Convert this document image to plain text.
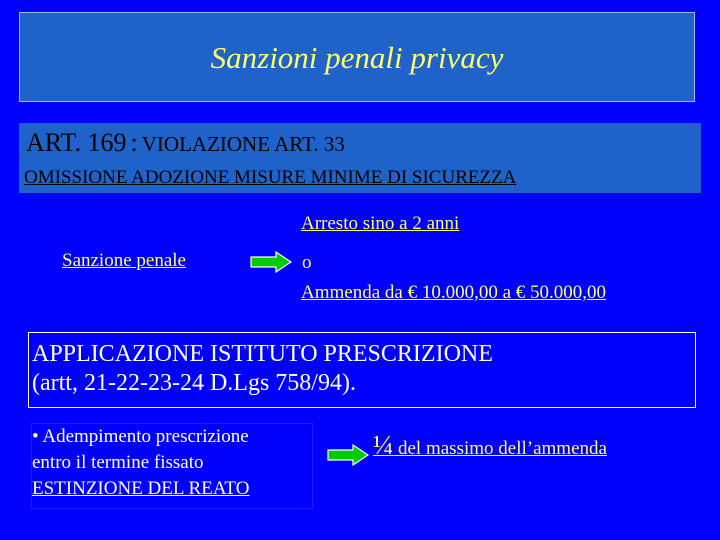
Sanzioni penali privacy
ART. 169 : VIOLAZIONE ART. 33
OMISSIONE ADOZIONE MISURE MINIME DI SICUREZZA
Arresto sino a 2 anni
Sanzione penale	o
Ammenda da € 10.000,00 a € 50.000,00
APPLICAZIONE ISTITUTO PRESCRIZIONE
(artt, 21-22-23-24 D.Lgs 758/94).
• Adempimento prescrizione
entro il termine fissato
ESTINZIONE DEL REATO
¼ del massimo dell’ammenda
